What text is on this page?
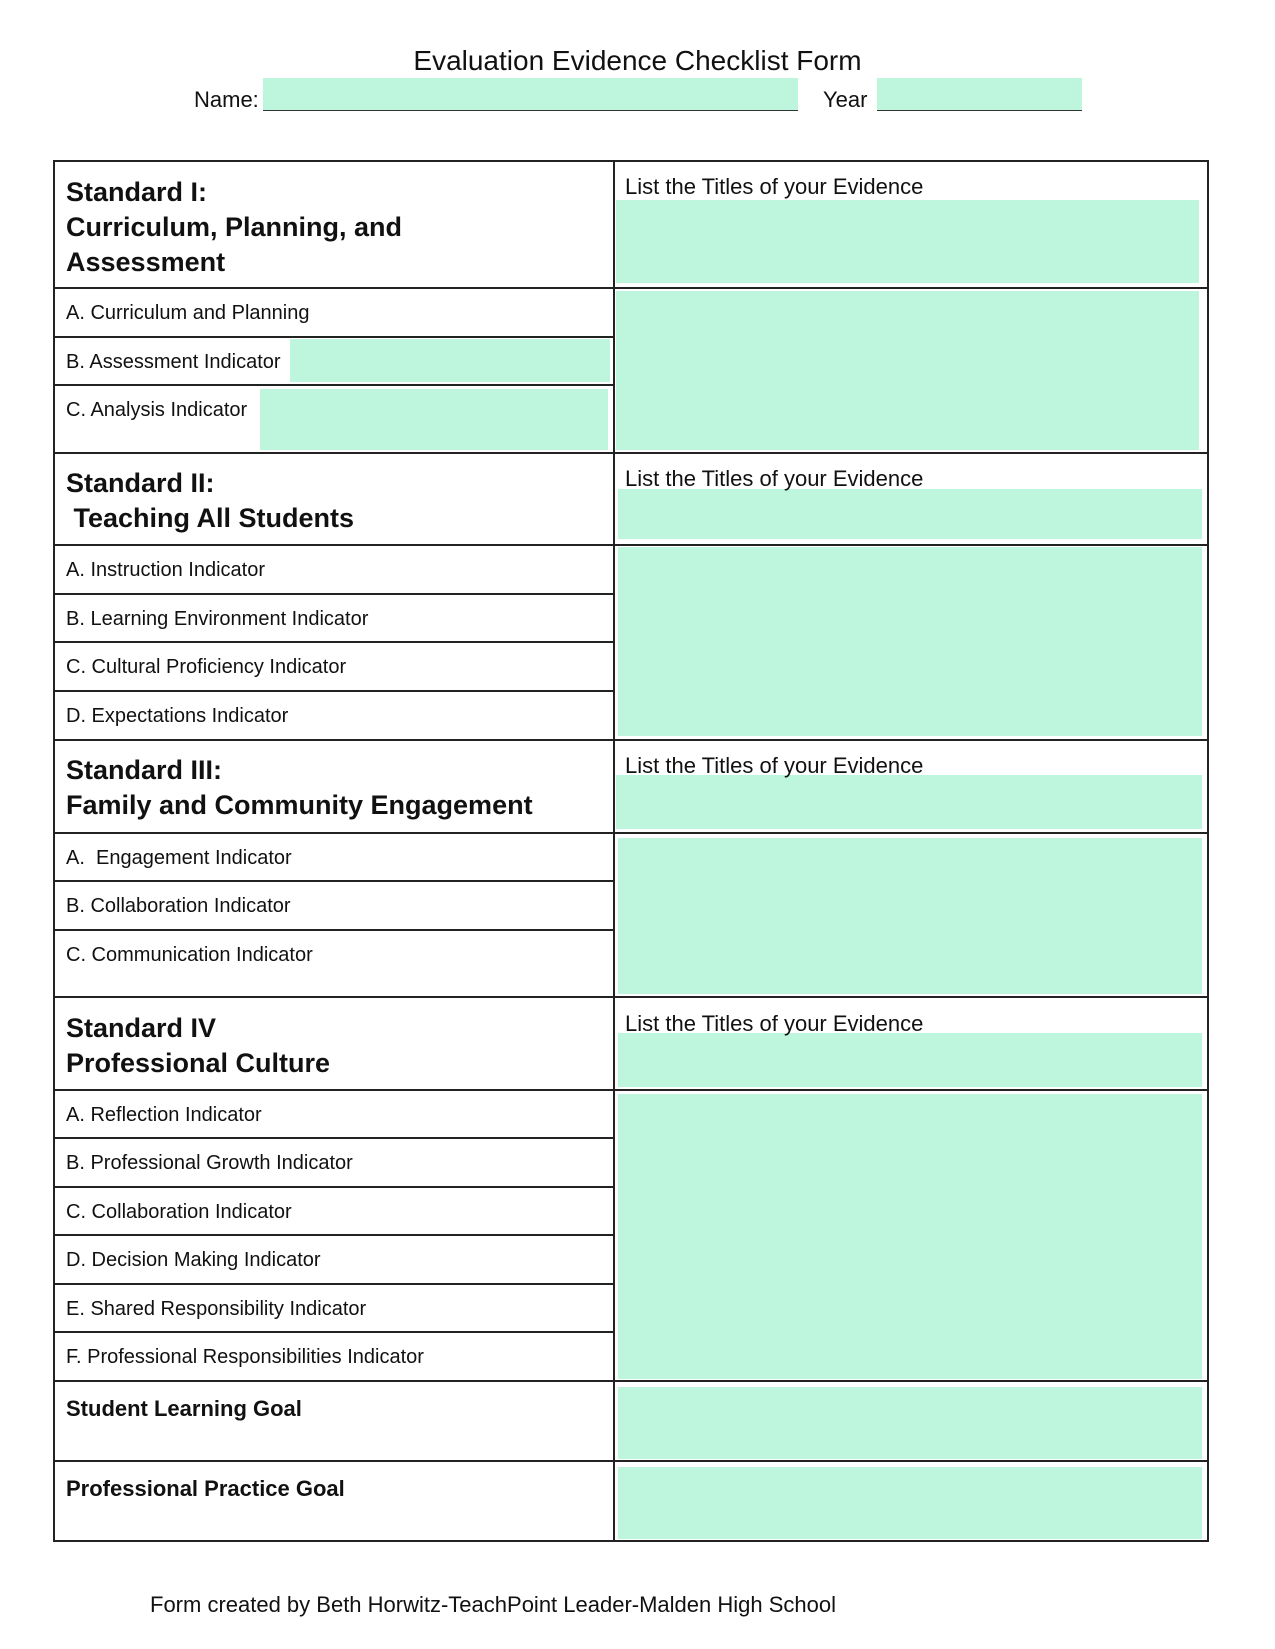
Evaluation Evidence Checklist Form
Name:	Year
Standard I:
Curriculum, Planning, and
Assessment
List the Titles of your Evidence
A. Curriculum and Planning
B. Assessment Indicator
C. Analysis Indicator
Standard II:
Teaching All Students
List the Titles of your Evidence
A. Instruction Indicator
B. Learning Environment Indicator
C. Cultural Proficiency Indicator
D. Expectations Indicator
Standard III:
Family and Community Engagement
List the Titles of your Evidence
A.  Engagement Indicator
B. Collaboration Indicator
C. Communication Indicator
Standard IV
Professional Culture
List the Titles of your Evidence
A. Reflection Indicator
B. Professional Growth Indicator
C. Collaboration Indicator
D. Decision Making Indicator
E. Shared Responsibility Indicator
F. Professional Responsibilities Indicator
Student Learning Goal
Professional Practice Goal
Form created by Beth Horwitz-TeachPoint Leader-Malden High School
